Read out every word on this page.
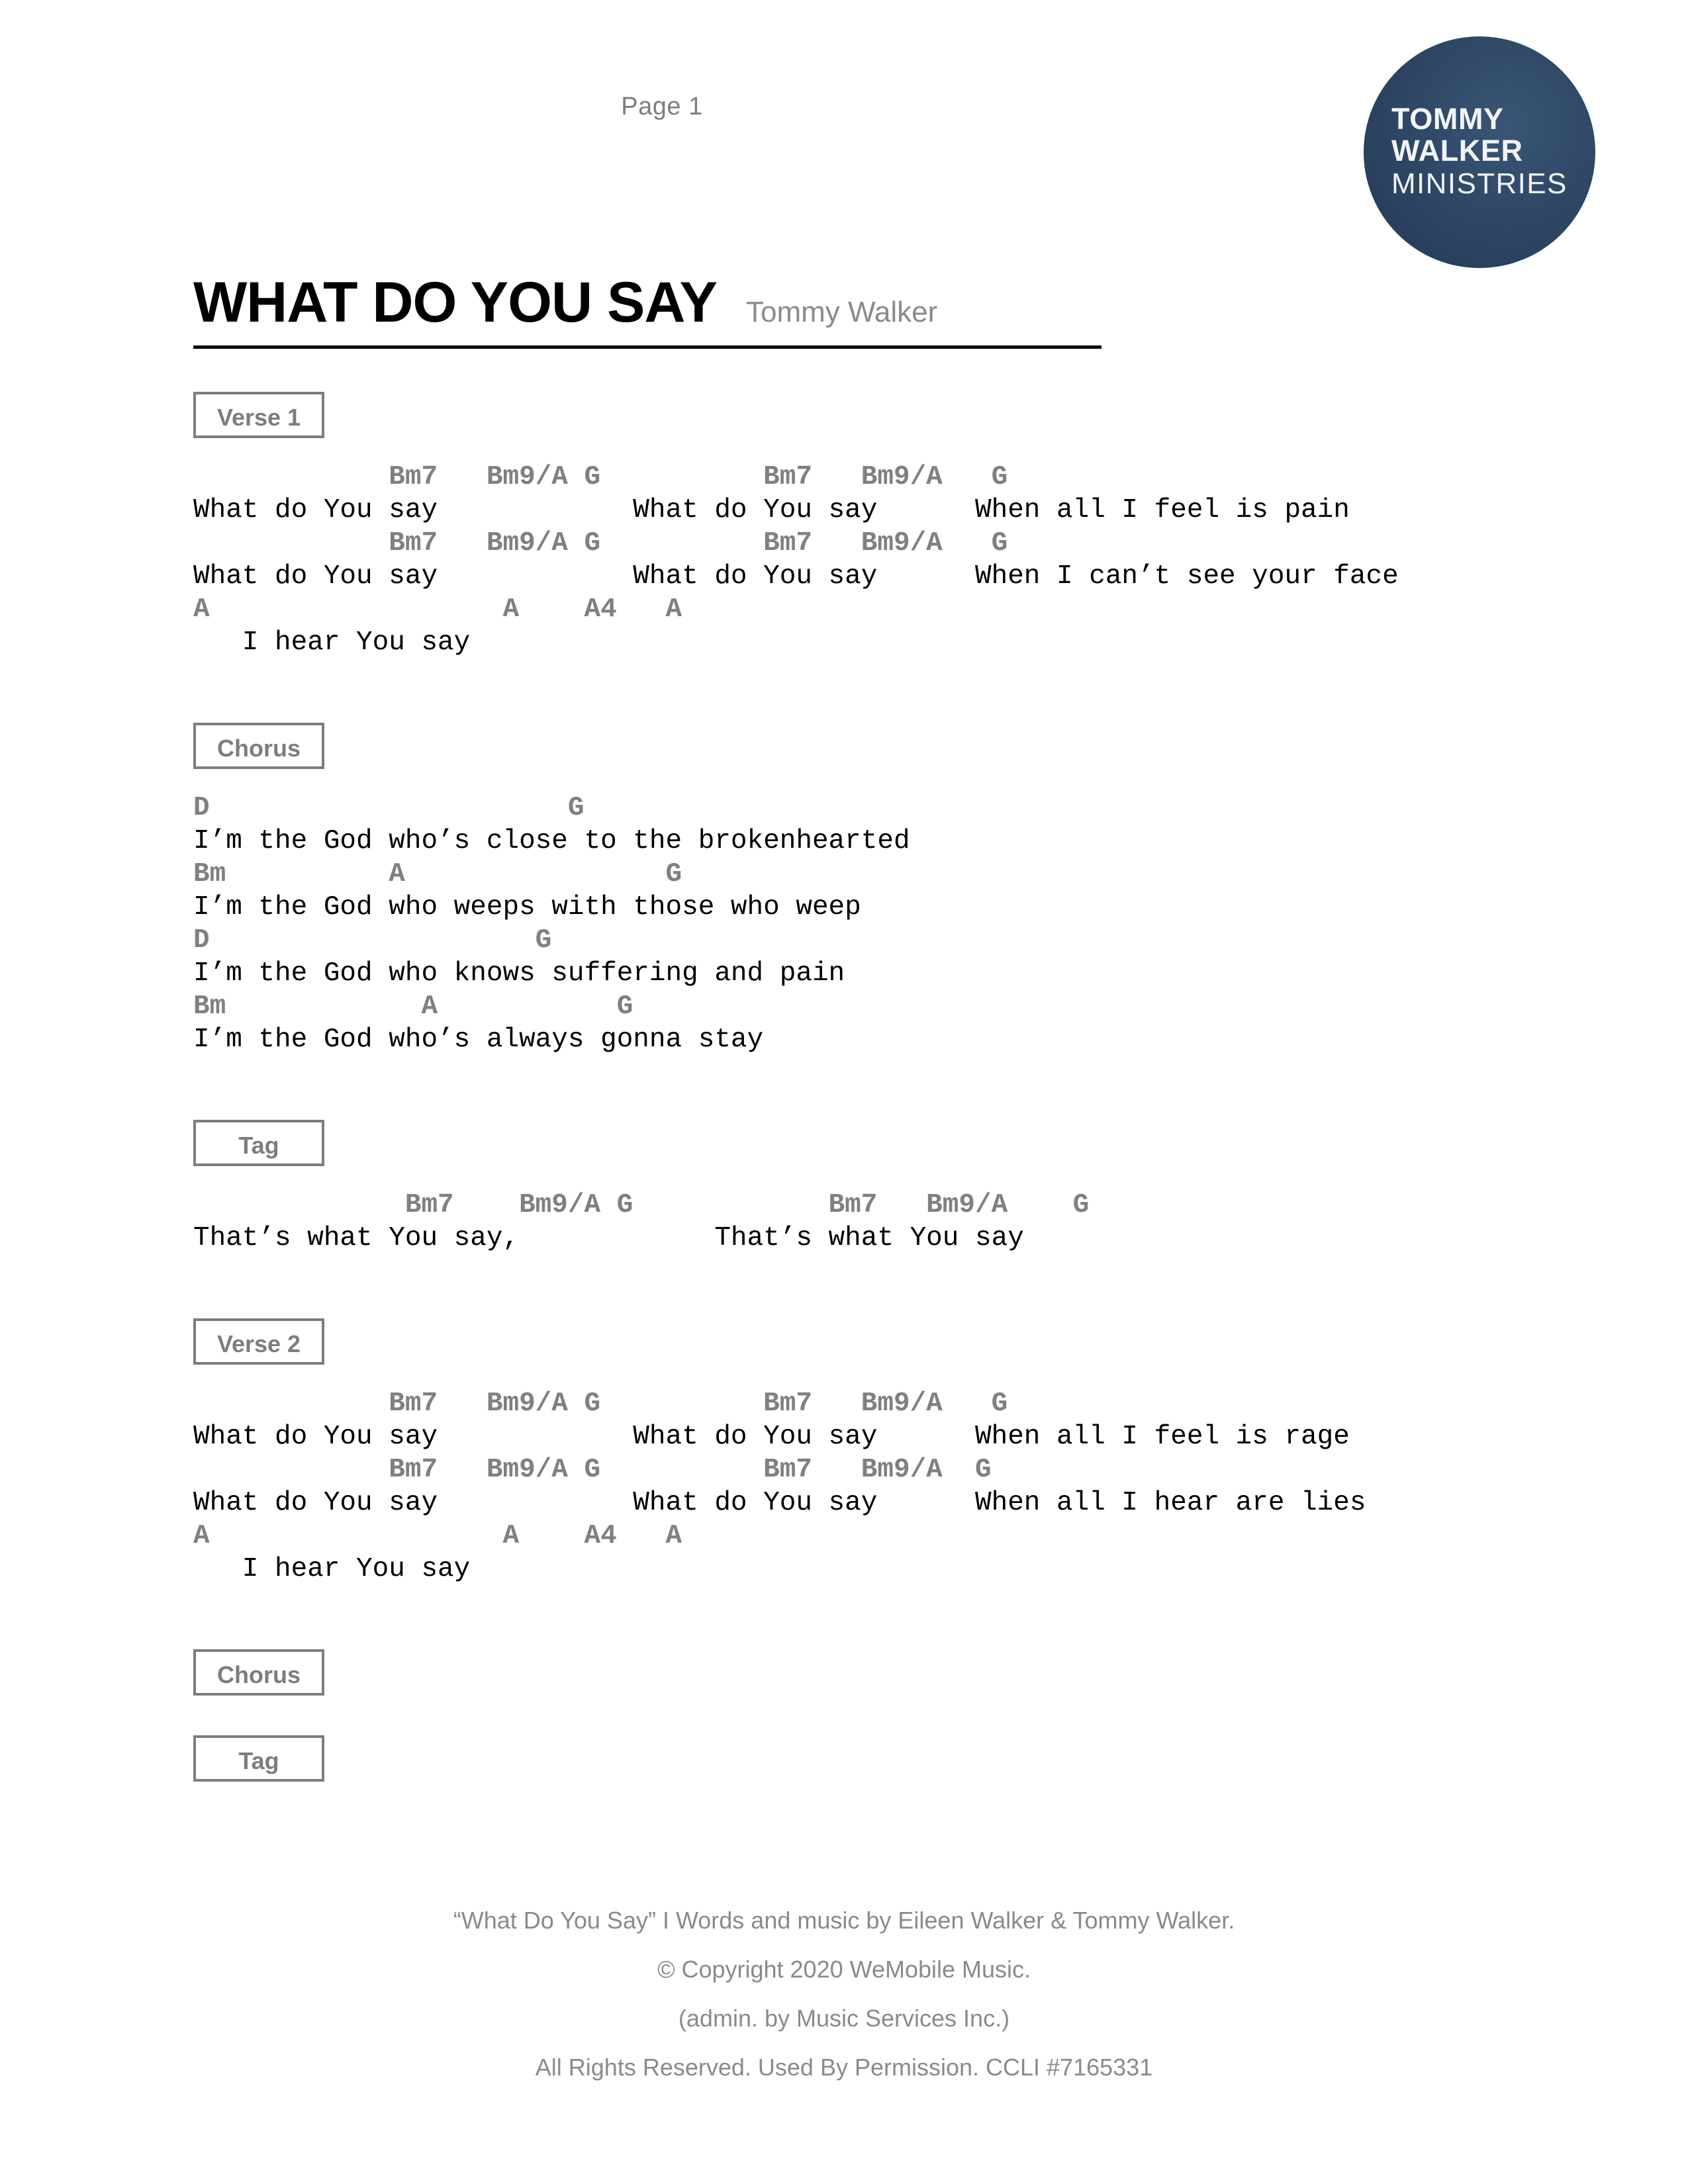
Page 1	TOMMY
WALKER
MINISTRIES
WHAT DO YOU SAY Tommy Walker
Verse 1
Bm7   Bm9/A G          Bm7   Bm9/A   G
What do You say            What do You say      When all I feel is pain
Bm7   Bm9/A G          Bm7   Bm9/A   G
What do You say            What do You say      When I can’t see your face
A                  A    A4   A
I hear You say
Chorus
D                      G
I’m the God who’s close to the brokenhearted
Bm          A                G
I’m the God who weeps with those who weep
D                    G
I’m the God who knows suffering and pain
Bm            A           G
I’m the God who’s always gonna stay
Tag
Bm7    Bm9/A G            Bm7   Bm9/A    G
That’s what You say,            That’s what You say
Verse 2
Bm7   Bm9/A G          Bm7   Bm9/A   G
What do You say            What do You say      When all I feel is rage
Bm7   Bm9/A G          Bm7   Bm9/A  G
What do You say            What do You say      When all I hear are lies
A                  A    A4   A
I hear You say
Chorus
Tag
“What Do You Say” I Words and music by Eileen Walker & Tommy Walker.
© Copyright 2020 WeMobile Music.
(admin. by Music Services Inc.)
All Rights Reserved. Used By Permission. CCLI #7165331
